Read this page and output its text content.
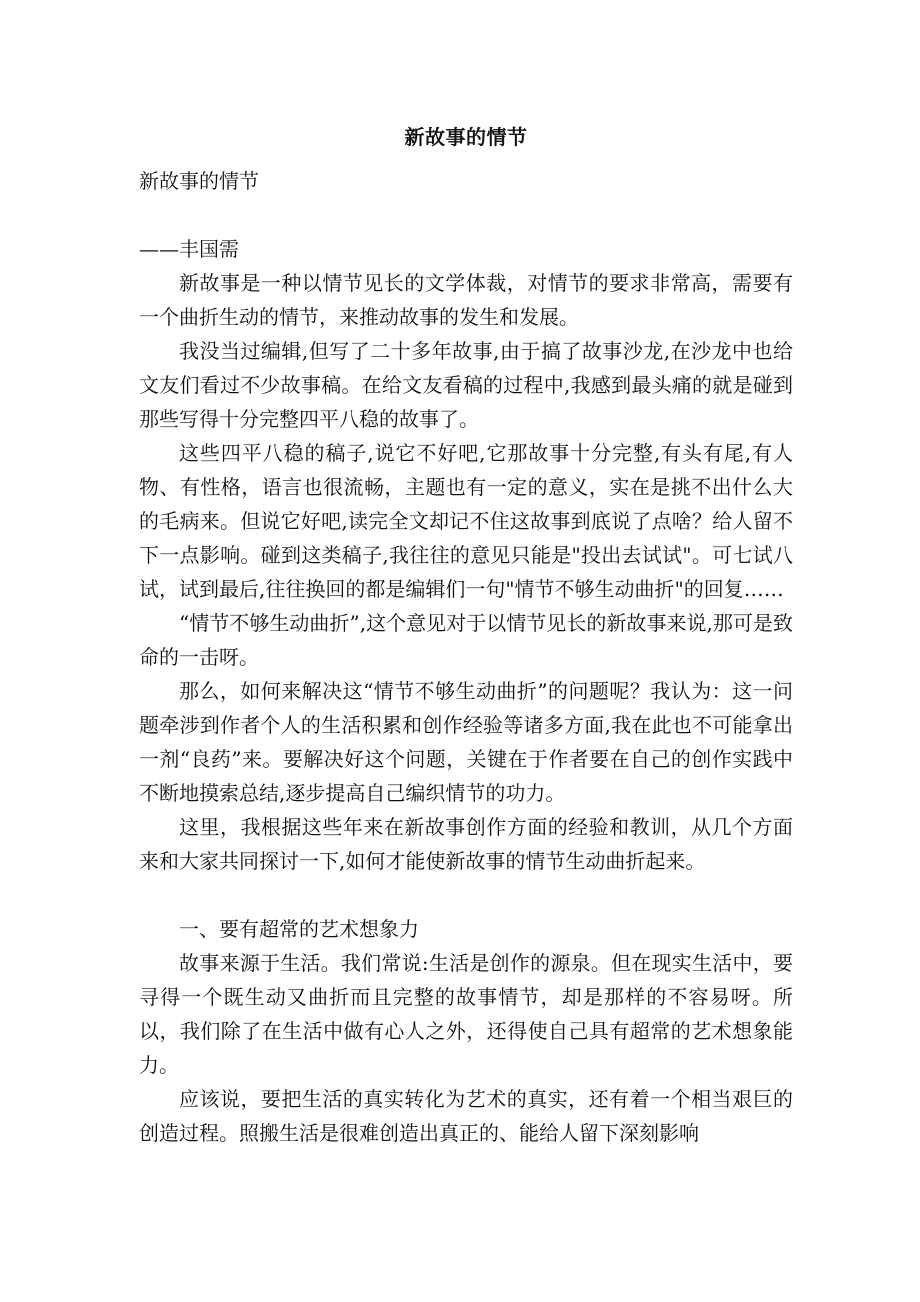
新故事的情节

新故事的情节

——丰国需

新故事是一种以情节见长的文学体裁，对情节的要求非常高，需要有一个曲折生动的情节，来推动故事的发生和发展。

我没当过编辑,但写了二十多年故事,由于搞了故事沙龙,在沙龙中也给文友们看过不少故事稿。在给文友看稿的过程中,我感到最头痛的就是碰到那些写得十分完整四平八稳的故事了。

这些四平八稳的稿子,说它不好吧,它那故事十分完整,有头有尾,有人物、有性格，语言也很流畅，主题也有一定的意义，实在是挑不出什么大的毛病来。但说它好吧,读完全文却记不住这故事到底说了点啥？给人留不下一点影响。碰到这类稿子,我往往的意见只能是"投出去试试"。可七试八试，试到最后,往往换回的都是编辑们一句"情节不够生动曲折"的回复……

“情节不够生动曲折”,这个意见对于以情节见长的新故事来说,那可是致命的一击呀。

那么，如何来解决这“情节不够生动曲折”的问题呢？我认为：这一问题牵涉到作者个人的生活积累和创作经验等诸多方面,我在此也不可能拿出一剂“良药”来。要解决好这个问题，关键在于作者要在自己的创作实践中不断地摸索总结,逐步提高自己编织情节的功力。

这里，我根据这些年来在新故事创作方面的经验和教训，从几个方面来和大家共同探讨一下,如何才能使新故事的情节生动曲折起来。

一、要有超常的艺术想象力

故事来源于生活。我们常说:生活是创作的源泉。但在现实生活中，要寻得一个既生动又曲折而且完整的故事情节，却是那样的不容易呀。所以，我们除了在生活中做有心人之外，还得使自己具有超常的艺术想象能力。

应该说，要把生活的真实转化为艺术的真实，还有着一个相当艰巨的创造过程。照搬生活是很难创造出真正的、能给人留下深刻影响
